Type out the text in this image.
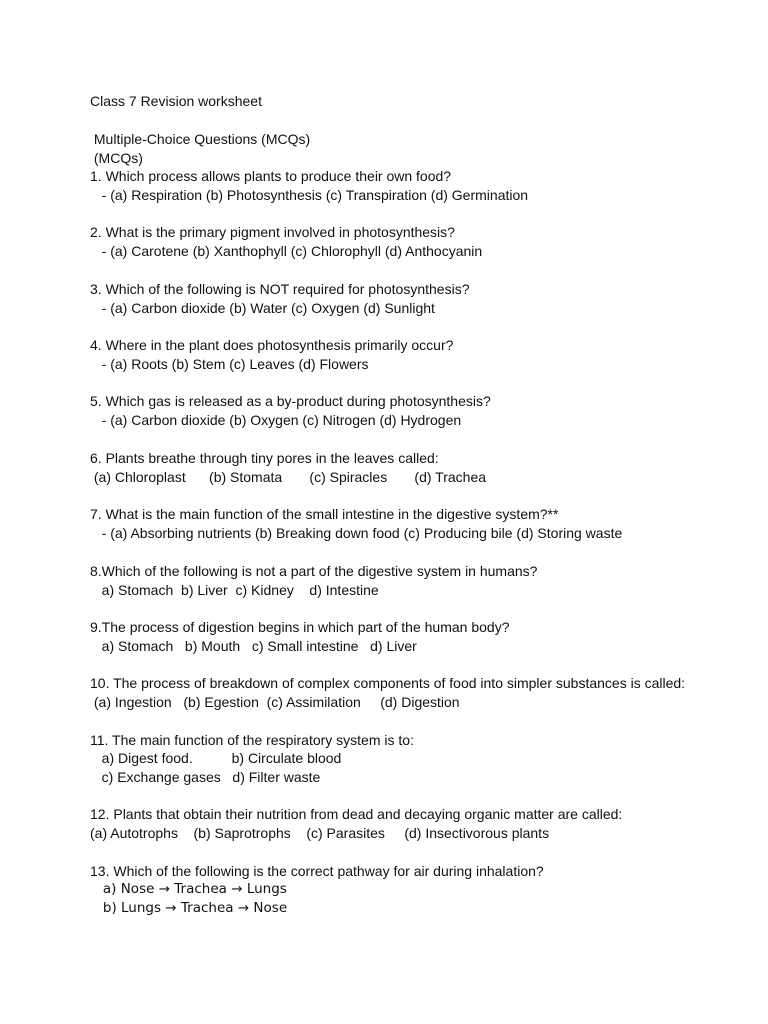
Class 7 Revision worksheet
Multiple-Choice Questions (MCQs)
(MCQs)
1. Which process allows plants to produce their own food?
- (a) Respiration (b) Photosynthesis (c) Transpiration (d) Germination
2. What is the primary pigment involved in photosynthesis?
- (a) Carotene (b) Xanthophyll (c) Chlorophyll (d) Anthocyanin
3. Which of the following is NOT required for photosynthesis?
- (a) Carbon dioxide (b) Water (c) Oxygen (d) Sunlight
4. Where in the plant does photosynthesis primarily occur?
- (a) Roots (b) Stem (c) Leaves (d) Flowers
5. Which gas is released as a by-product during photosynthesis?
- (a) Carbon dioxide (b) Oxygen (c) Nitrogen (d) Hydrogen
6. Plants breathe through tiny pores in the leaves called:
(a) Chloroplast      (b) Stomata       (c) Spiracles       (d) Trachea
7. What is the main function of the small intestine in the digestive system?**
- (a) Absorbing nutrients (b) Breaking down food (c) Producing bile (d) Storing waste
8.Which of the following is not a part of the digestive system in humans?
a) Stomach  b) Liver  c) Kidney    d) Intestine
9.The process of digestion begins in which part of the human body?
a) Stomach   b) Mouth   c) Small intestine   d) Liver
10. The process of breakdown of complex components of food into simpler substances is called:
(a) Ingestion   (b) Egestion  (c) Assimilation     (d) Digestion
11. The main function of the respiratory system is to:
a) Digest food.          b) Circulate blood
c) Exchange gases   d) Filter waste
12. Plants that obtain their nutrition from dead and decaying organic matter are called:
(a) Autotrophs    (b) Saprotrophs    (c) Parasites     (d) Insectivorous plants
13. Which of the following is the correct pathway for air during inhalation?
a) Nose → Trachea → Lungs
b) Lungs → Trachea → Nose
